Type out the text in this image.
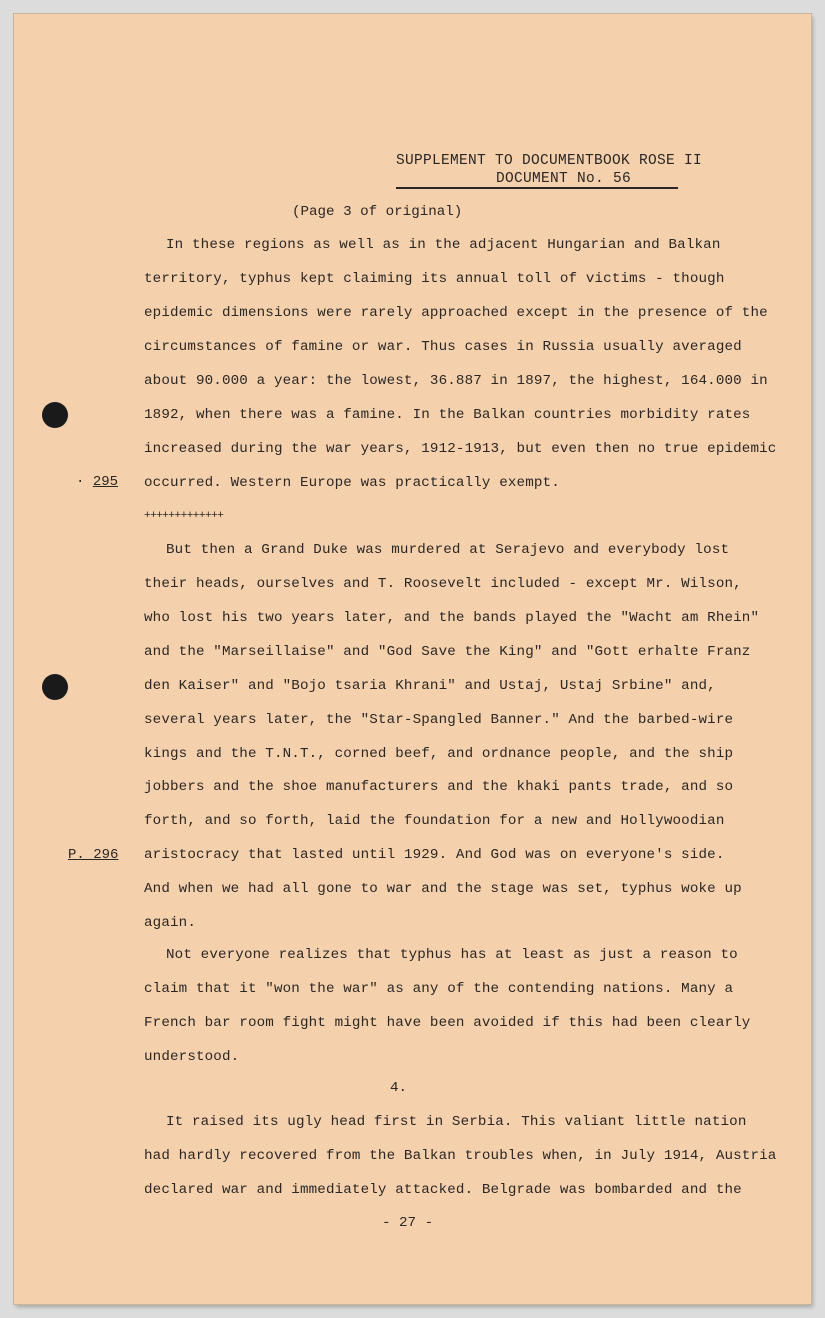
SUPPLEMENT TO DOCUMENTBOOK ROSE II
DOCUMENT No. 56
(Page 3 of original)
· 295
P. 296
In these regions as well as in the adjacent Hungarian and Balkan
territory, typhus kept claiming its annual toll of victims - though
epidemic dimensions were rarely approached except in the presence of the
circumstances of famine or war. Thus cases in Russia usually averaged
about 90.000 a year: the lowest, 36.887 in 1897, the highest, 164.000 in
1892, when there was a famine. In the Balkan countries morbidity rates
increased during the war years, 1912-1913, but even then no true epidemic
occurred. Western Europe was practically exempt.
+++++++++++++
But then a Grand Duke was murdered at Serajevo and everybody lost
their heads, ourselves and T. Roosevelt included - except Mr. Wilson,
who lost his two years later, and the bands played the "Wacht am Rhein"
and the "Marseillaise" and "God Save the King" and "Gott erhalte Franz
den Kaiser" and "Bojo tsaria Khrani" and Ustaj, Ustaj Srbine" and,
several years later, the "Star-Spangled Banner." And the barbed-wire
kings and the T.N.T., corned beef, and ordnance people, and the ship
jobbers and the shoe manufacturers and the khaki pants trade, and so
forth, and so forth, laid the foundation for a new and Hollywoodian
aristocracy that lasted until 1929. And God was on everyone's side.
And when we had all gone to war and the stage was set, typhus woke up
again.
Not everyone realizes that typhus has at least as just a reason to
claim that it "won the war" as any of the contending nations. Many a
French bar room fight might have been avoided if this had been clearly
understood.
4.
It raised its ugly head first in Serbia. This valiant little nation
had hardly recovered from the Balkan troubles when, in July 1914, Austria
declared war and immediately attacked. Belgrade was bombarded and the
- 27 -
